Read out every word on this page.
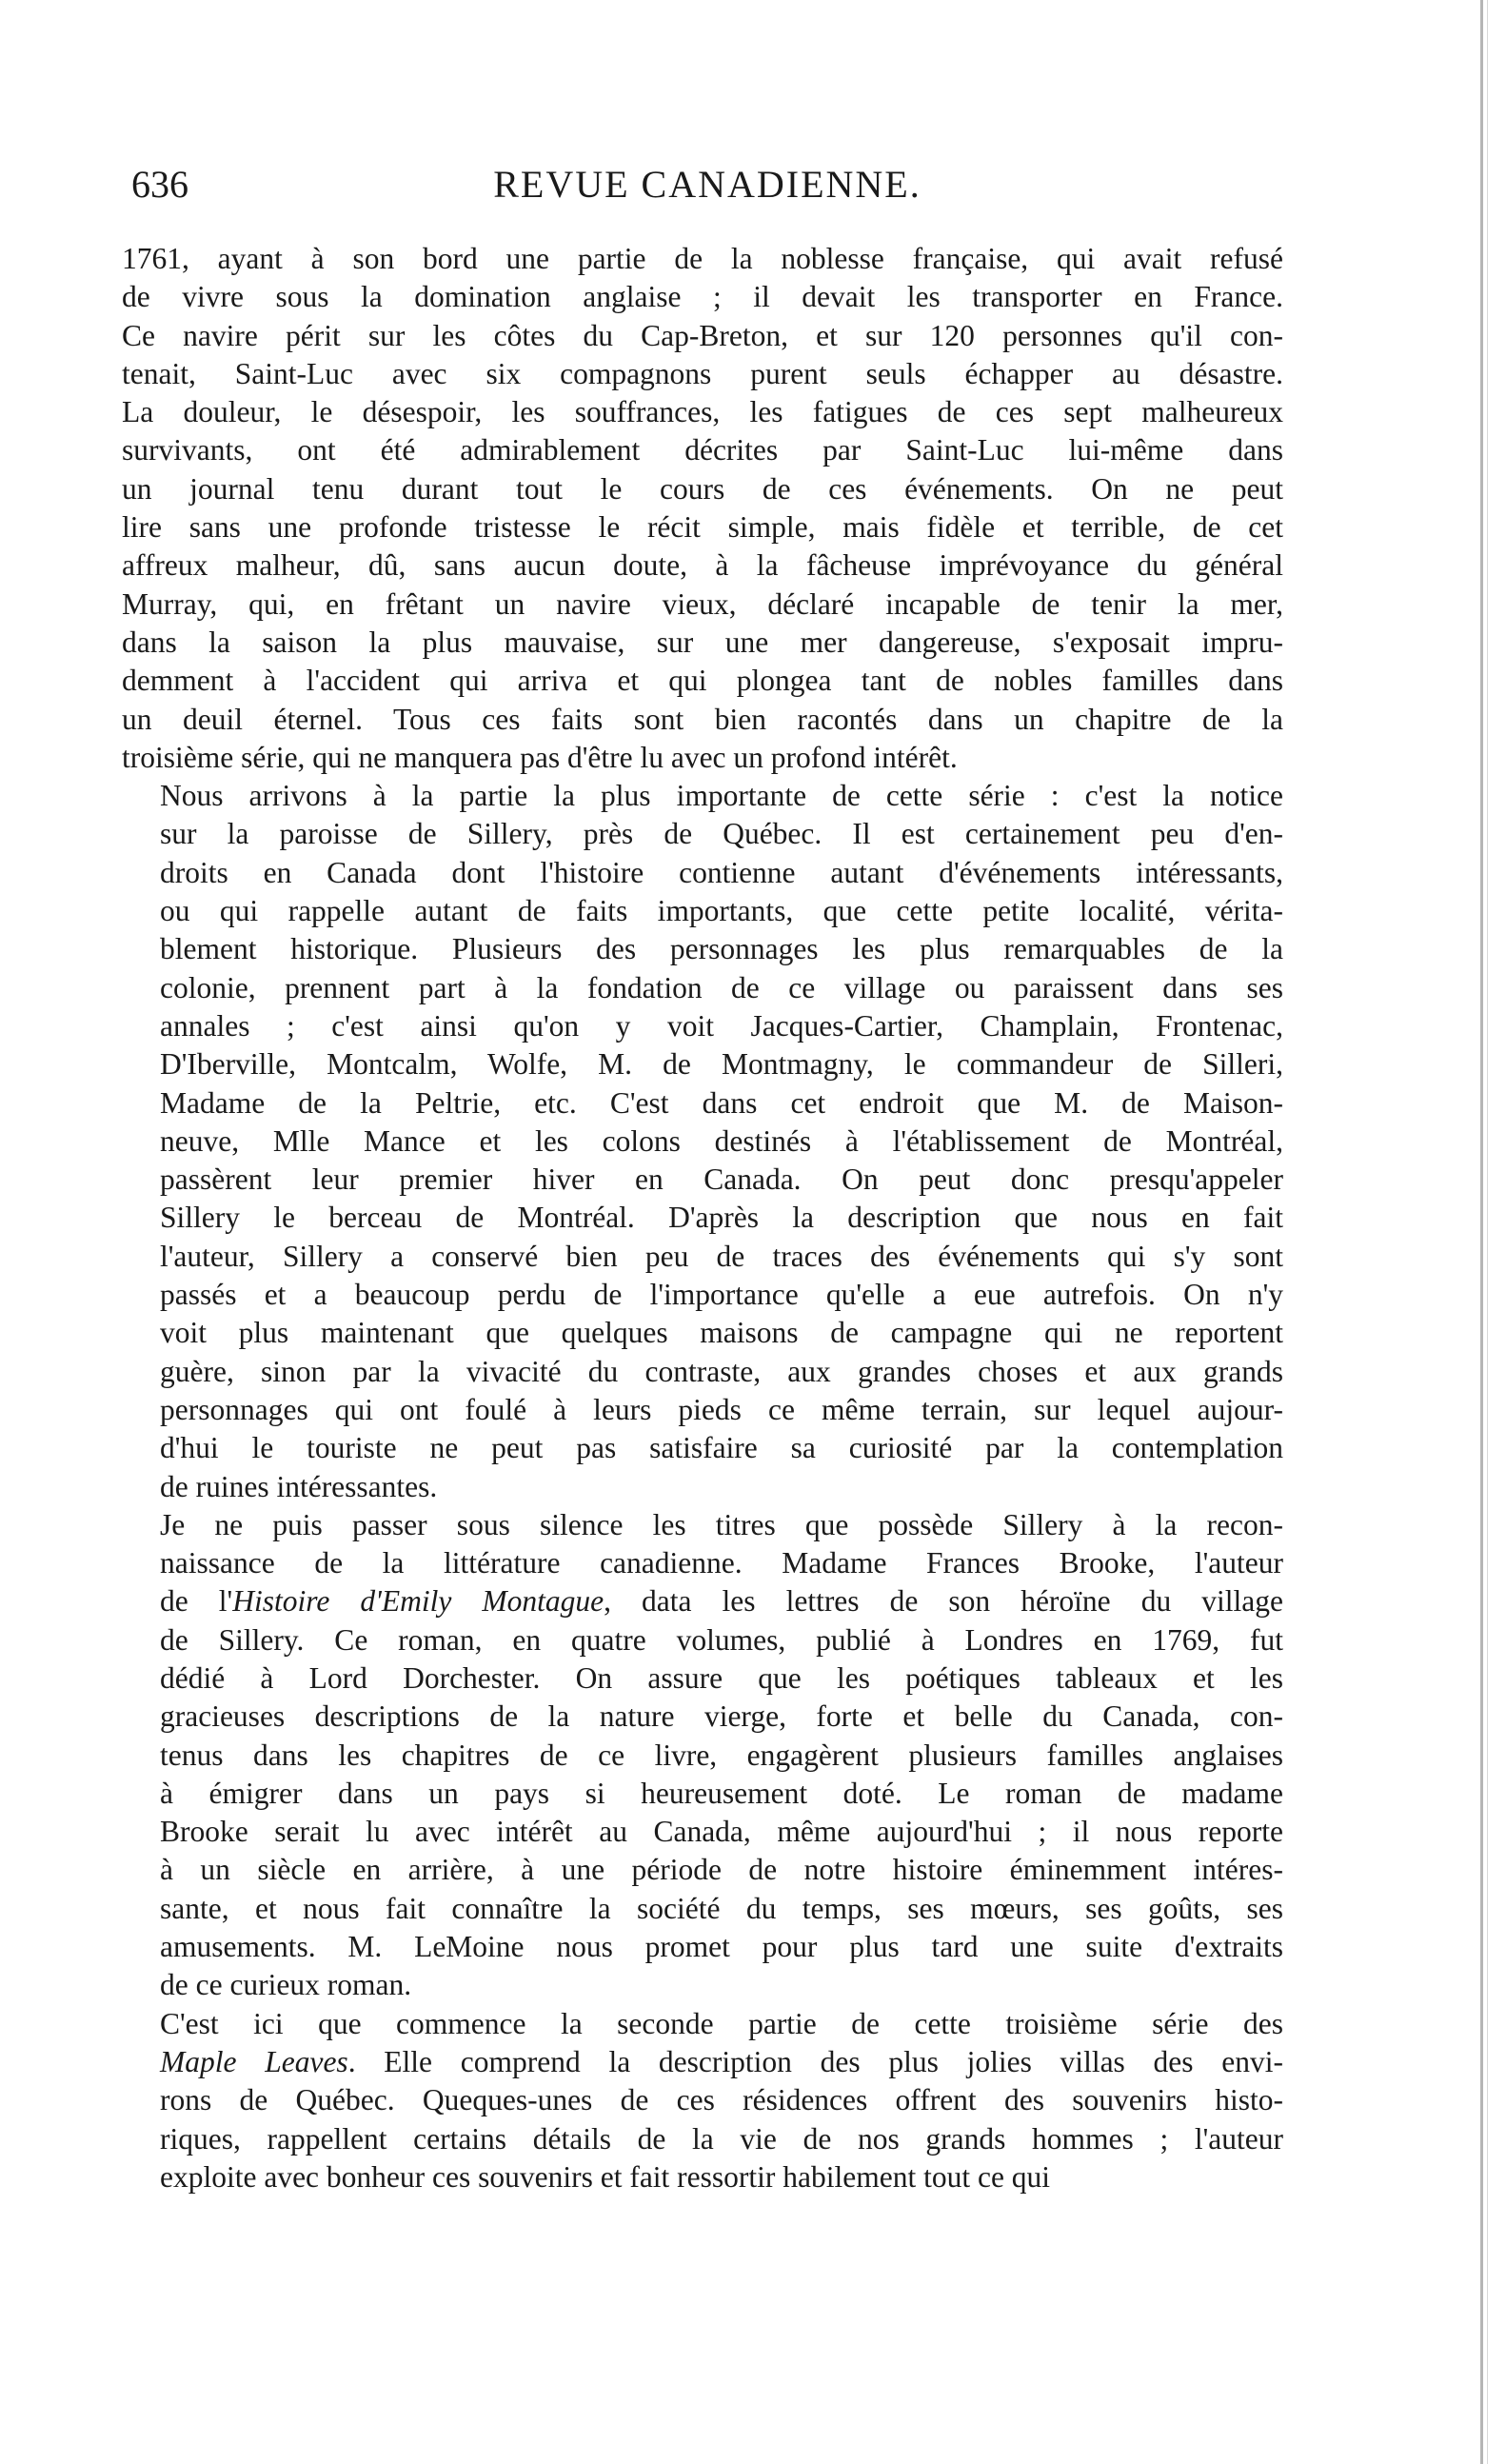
636	REVUE CANADIENNE.

1761, ayant à son bord une partie de la noblesse française, qui avait refusé
de vivre sous la domination anglaise ; il devait les transporter en France.
Ce navire périt sur les côtes du Cap-Breton, et sur 120 personnes qu'il con-
tenait, Saint-Luc avec six compagnons purent seuls échapper au désastre.
La douleur, le désespoir, les souffrances, les fatigues de ces sept malheureux
survivants, ont été admirablement décrites par Saint-Luc lui-même dans
un journal tenu durant tout le cours de ces événements. On ne peut
lire sans une profonde tristesse le récit simple, mais fidèle et terrible, de cet
affreux malheur, dû, sans aucun doute, à la fâcheuse imprévoyance du général
Murray, qui, en frêtant un navire vieux, déclaré incapable de tenir la mer,
dans la saison la plus mauvaise, sur une mer dangereuse, s'exposait impru-
demment à l'accident qui arriva et qui plongea tant de nobles familles dans
un deuil éternel. Tous ces faits sont bien racontés dans un chapitre de la
troisième série, qui ne manquera pas d'être lu avec un profond intérêt.

Nous arrivons à la partie la plus importante de cette série : c'est la notice
sur la paroisse de Sillery, près de Québec. Il est certainement peu d'en-
droits en Canada dont l'histoire contienne autant d'événements intéressants,
ou qui rappelle autant de faits importants, que cette petite localité, vérita-
blement historique. Plusieurs des personnages les plus remarquables de la
colonie, prennent part à la fondation de ce village ou paraissent dans ses
annales ; c'est ainsi qu'on y voit Jacques-Cartier, Champlain, Frontenac,
D'Iberville, Montcalm, Wolfe, M. de Montmagny, le commandeur de Silleri,
Madame de la Peltrie, etc. C'est dans cet endroit que M. de Maison-
neuve, Mlle Mance et les colons destinés à l'établissement de Montréal,
passèrent leur premier hiver en Canada. On peut donc presqu'appeler
Sillery le berceau de Montréal. D'après la description que nous en fait
l'auteur, Sillery a conservé bien peu de traces des événements qui s'y sont
passés et a beaucoup perdu de l'importance qu'elle a eue autrefois. On n'y
voit plus maintenant que quelques maisons de campagne qui ne reportent
guère, sinon par la vivacité du contraste, aux grandes choses et aux grands
personnages qui ont foulé à leurs pieds ce même terrain, sur lequel aujour-
d'hui le touriste ne peut pas satisfaire sa curiosité par la contemplation
de ruines intéressantes.

Je ne puis passer sous silence les titres que possède Sillery à la recon-
naissance de la littérature canadienne. Madame Frances Brooke, l'auteur
de l'Histoire d'Emily Montague, data les lettres de son héroïne du village
de Sillery. Ce roman, en quatre volumes, publié à Londres en 1769, fut
dédié à Lord Dorchester. On assure que les poétiques tableaux et les
gracieuses descriptions de la nature vierge, forte et belle du Canada, con-
tenus dans les chapitres de ce livre, engagèrent plusieurs familles anglaises
à émigrer dans un pays si heureusement doté. Le roman de madame
Brooke serait lu avec intérêt au Canada, même aujourd'hui ; il nous reporte
à un siècle en arrière, à une période de notre histoire éminemment intéres-
sante, et nous fait connaître la société du temps, ses mœurs, ses goûts, ses
amusements. M. LeMoine nous promet pour plus tard une suite d'extraits
de ce curieux roman.

C'est ici que commence la seconde partie de cette troisième série des
Maple Leaves. Elle comprend la description des plus jolies villas des envi-
rons de Québec. Queques-unes de ces résidences offrent des souvenirs histo-
riques, rappellent certains détails de la vie de nos grands hommes ; l'auteur
exploite avec bonheur ces souvenirs et fait ressortir habilement tout ce qui
